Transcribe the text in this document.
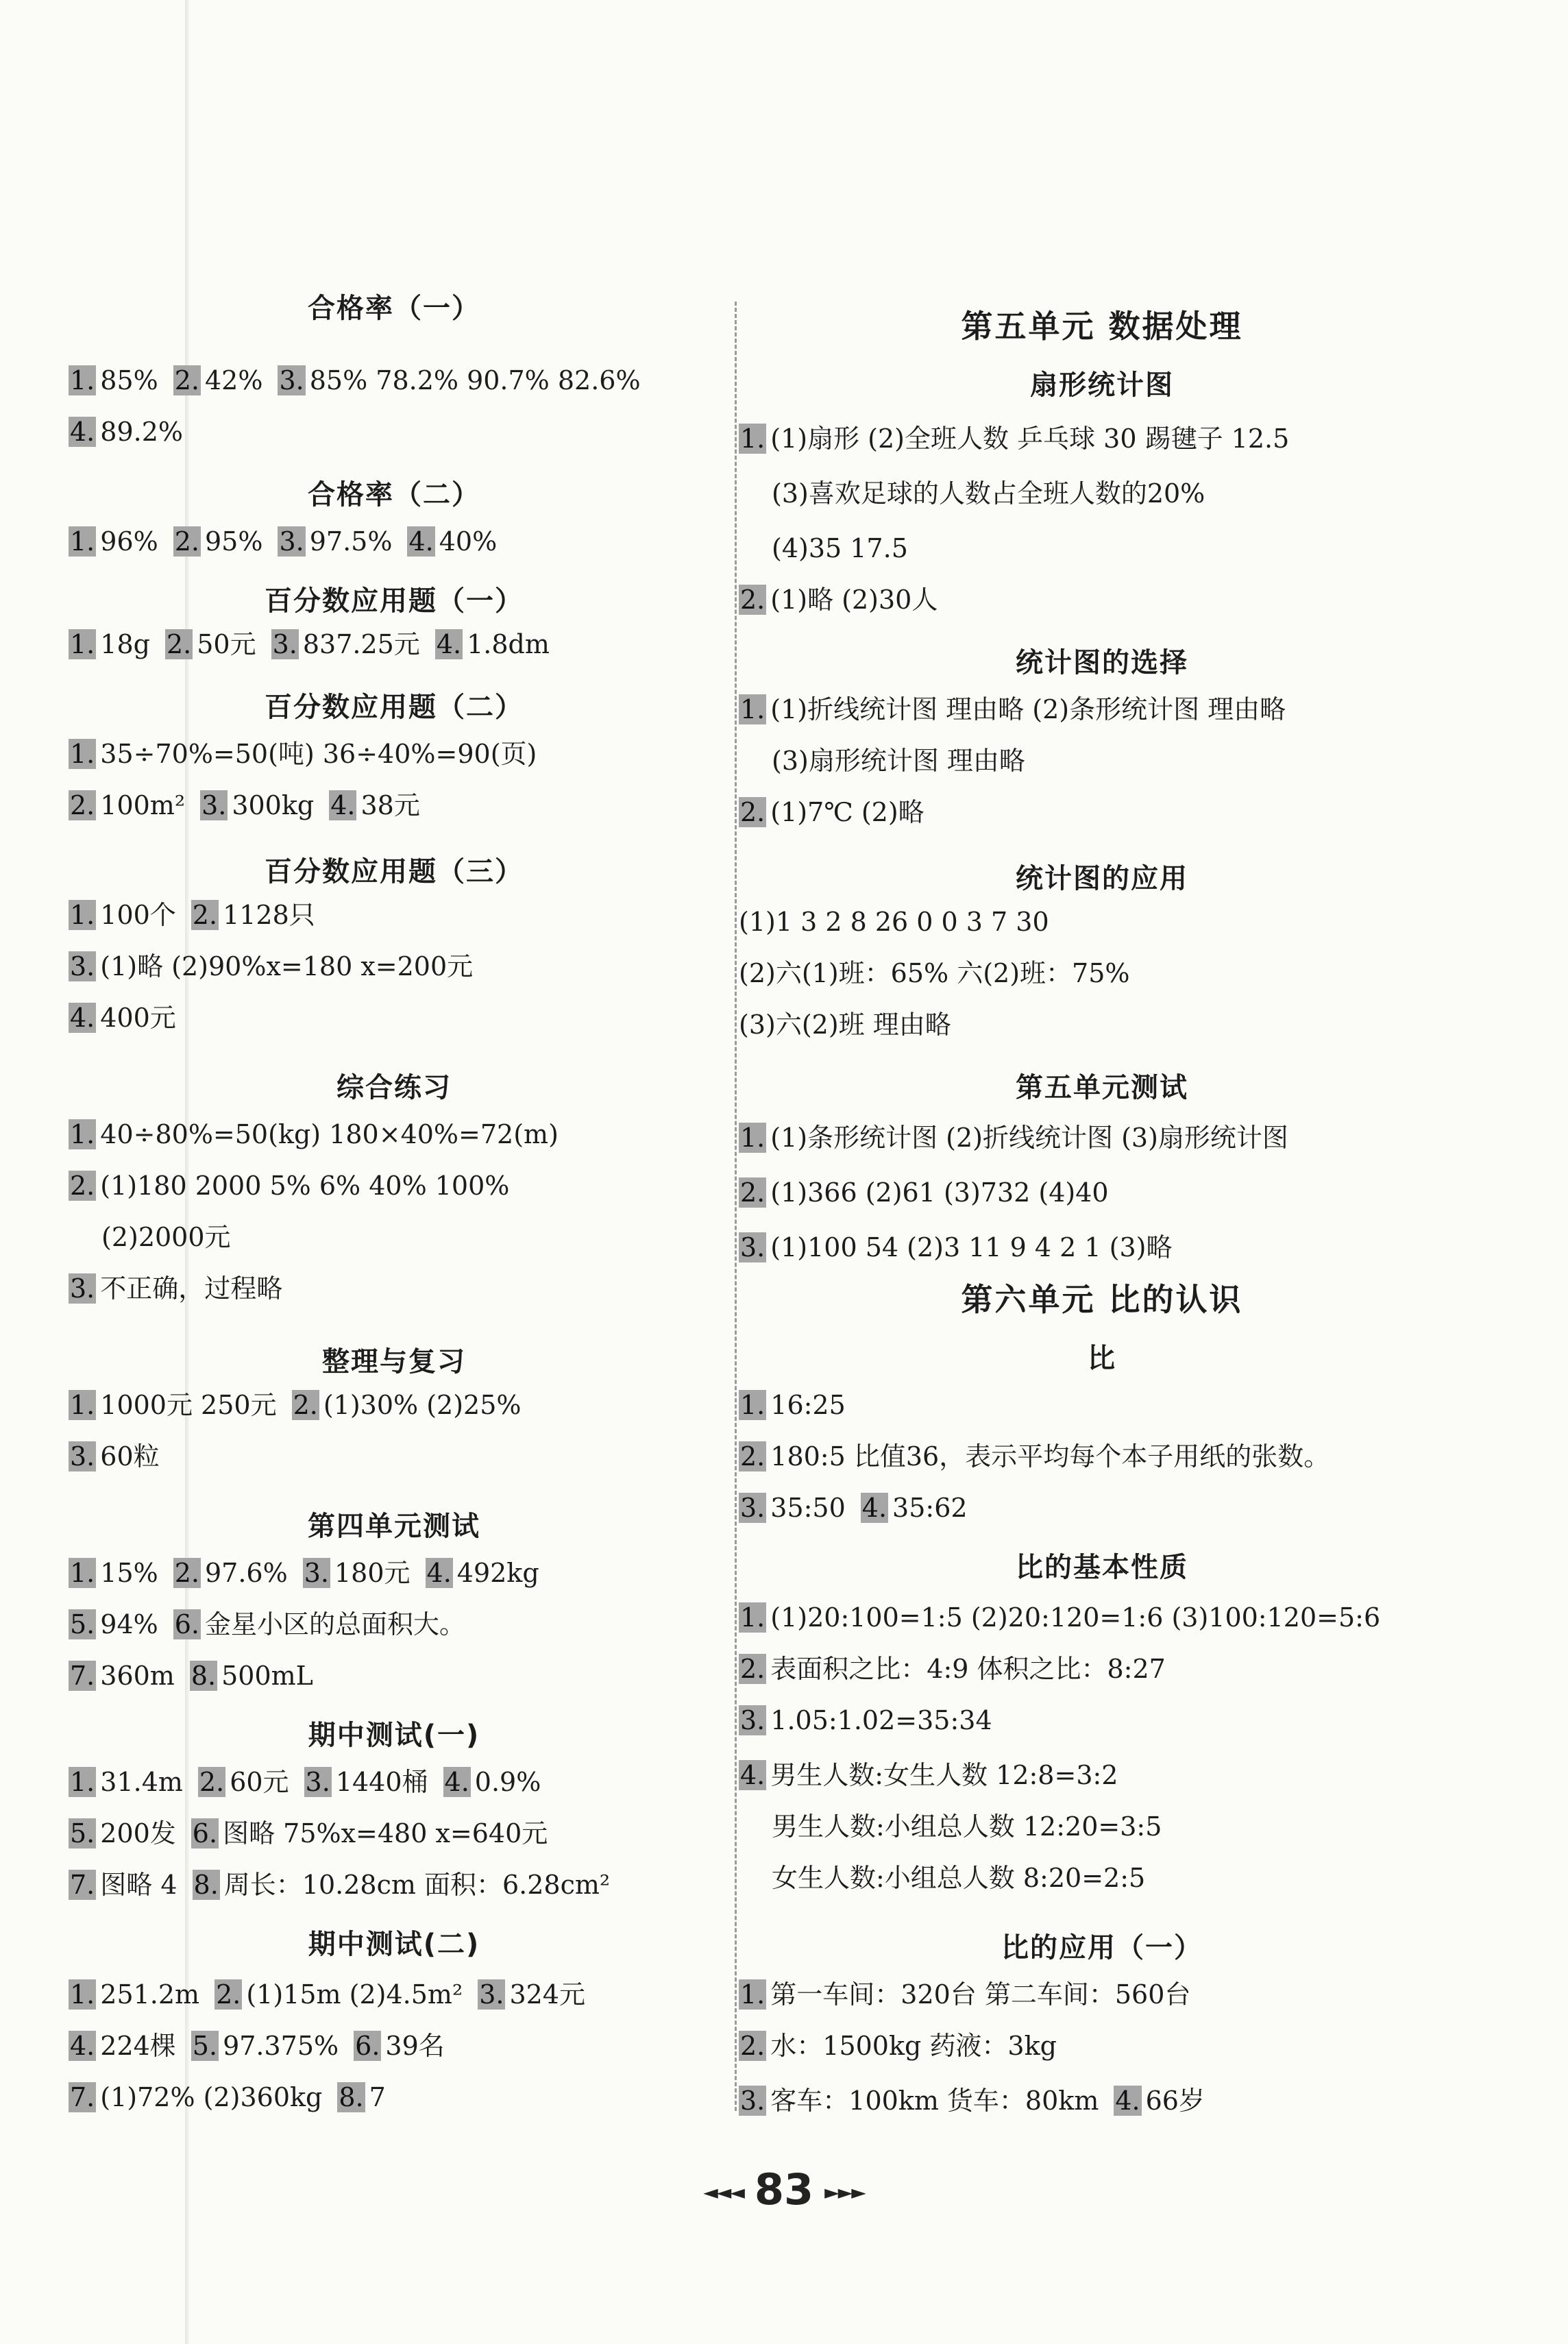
合格率（一）
1. 85% 2. 42% 3. 85% 78.2% 90.7% 82.6%
4. 89.2%
合格率（二）
1. 96% 2. 95% 3. 97.5% 4. 40%
百分数应用题（一）
1. 18g 2. 50元 3. 837.25元 4. 1.8dm
百分数应用题（二）
1. 35÷70%=50(吨) 36÷40%=90(页)
2. 100m² 3. 300kg 4. 38元
百分数应用题（三）
1. 100个 2. 1128只
3. (1)略 (2)90%x=180 x=200元
4. 400元
综合练习
1. 40÷80%=50(kg) 180×40%=72(m)
2. (1)180 2000 5% 6% 40% 100%
(2)2000元
3. 不正确，过程略
整理与复习
1. 1000元 250元 2. (1)30% (2)25%
3. 60粒
第四单元测试
1. 15% 2. 97.6% 3. 180元 4. 492kg
5. 94% 6. 金星小区的总面积大。
7. 360m 8. 500mL
期中测试(一)
1. 31.4m 2. 60元 3. 1440桶 4. 0.9%
5. 200发 6. 图略 75%x=480 x=640元
7. 图略 4 8. 周长：10.28cm 面积：6.28cm²
期中测试(二)
1. 251.2m 2. (1)15m (2)4.5m² 3. 324元
4. 224棵 5. 97.375% 6. 39名
7. (1)72% (2)360kg 8. 7
第五单元 数据处理
扇形统计图
1. (1)扇形 (2)全班人数 乒乓球 30 踢毽子 12.5
(3)喜欢足球的人数占全班人数的20%
(4)35 17.5
2. (1)略 (2)30人
统计图的选择
1. (1)折线统计图 理由略 (2)条形统计图 理由略
(3)扇形统计图 理由略
2. (1)7℃ (2)略
统计图的应用
(1)1 3 2 8 26 0 0 3 7 30
(2)六(1)班：65% 六(2)班：75%
(3)六(2)班 理由略
第五单元测试
1. (1)条形统计图 (2)折线统计图 (3)扇形统计图
2. (1)366 (2)61 (3)732 (4)40
3. (1)100 54 (2)3 11 9 4 2 1 (3)略
第六单元 比的认识
比
1. 16:25
2. 180:5 比值36，表示平均每个本子用纸的张数。
3. 35:50 4. 35:62
比的基本性质
1. (1)20:100=1:5 (2)20:120=1:6 (3)100:120=5:6
2. 表面积之比：4:9 体积之比：8:27
3. 1.05:1.02=35:34
4. 男生人数:女生人数 12:8=3:2
男生人数:小组总人数 12:20=3:5
女生人数:小组总人数 8:20=2:5
比的应用（一）
1. 第一车间：320台 第二车间：560台
2. 水：1500kg 药液：3kg
3. 客车：100km 货车：80km 4. 66岁
◄◄◄ 83 ►►►
